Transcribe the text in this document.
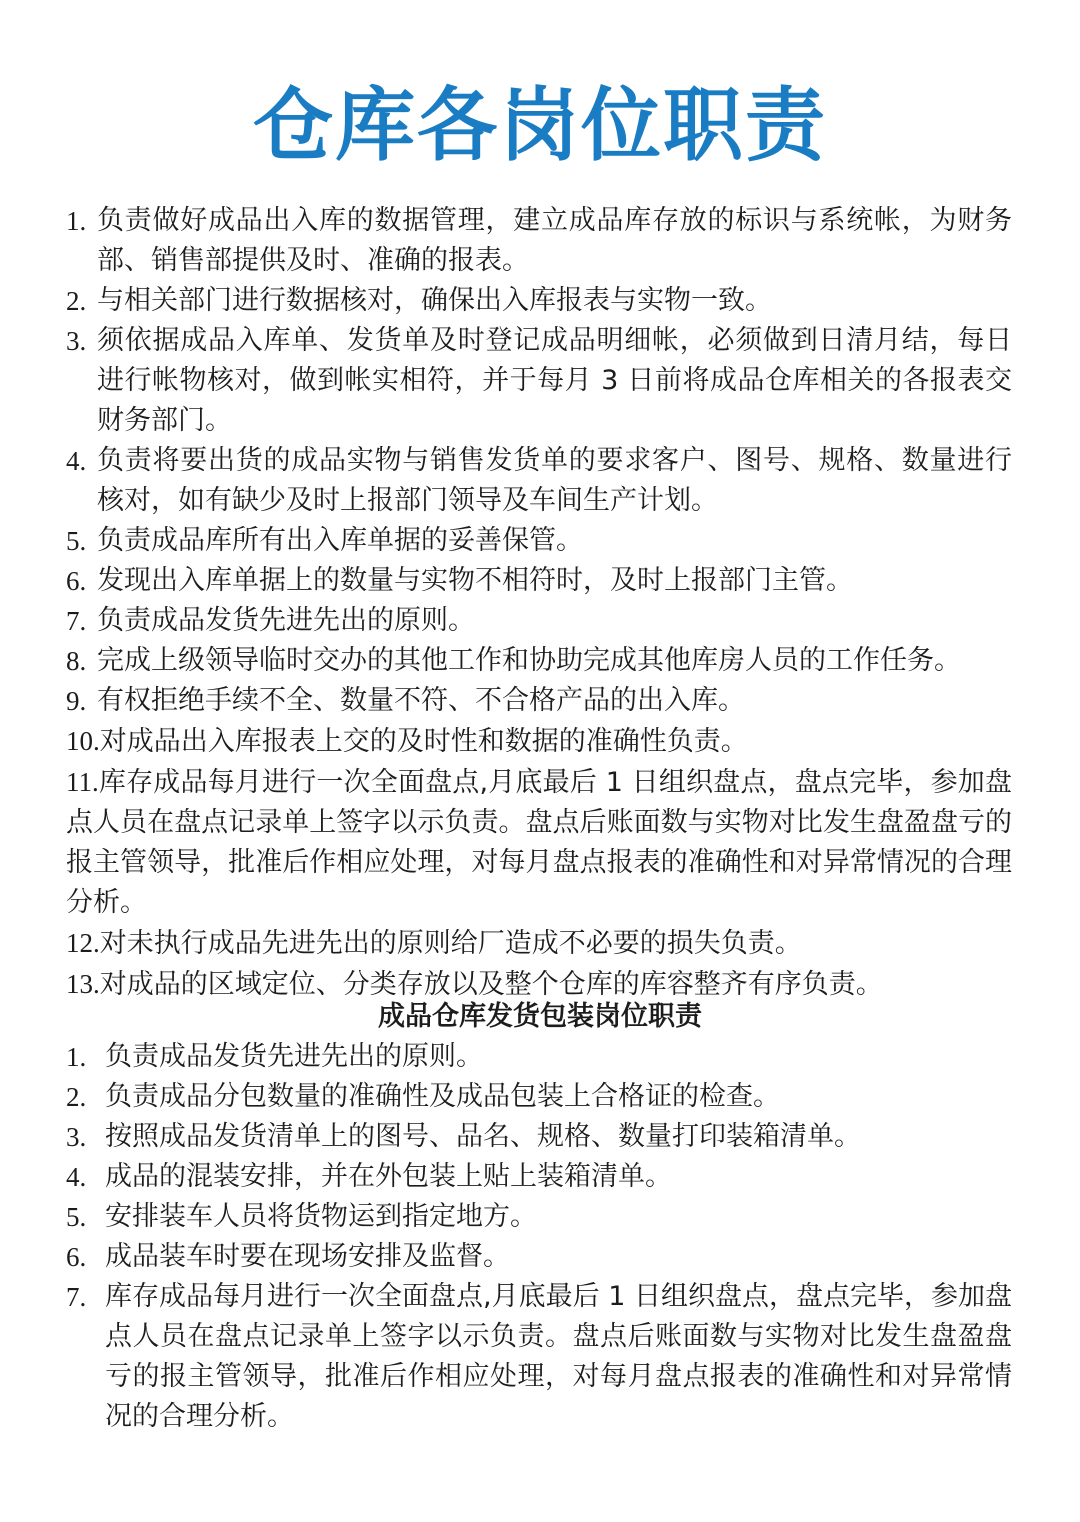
仓库各岗位职责
1. 负责做好成品出入库的数据管理，建立成品库存放的标识与系统帐，为财务部、销售部提供及时、准确的报表。
2. 与相关部门进行数据核对，确保出入库报表与实物一致。
3. 须依据成品入库单、发货单及时登记成品明细帐，必须做到日清月结，每日进行帐物核对，做到帐实相符，并于每月 3 日前将成品仓库相关的各报表交财务部门。
4. 负责将要出货的成品实物与销售发货单的要求客户、图号、规格、数量进行核对，如有缺少及时上报部门领导及车间生产计划。
5. 负责成品库所有出入库单据的妥善保管。
6. 发现出入库单据上的数量与实物不相符时，及时上报部门主管。
7. 负责成品发货先进先出的原则。
8. 完成上级领导临时交办的其他工作和协助完成其他库房人员的工作任务。
9. 有权拒绝手续不全、数量不符、不合格产品的出入库。
10.对成品出入库报表上交的及时性和数据的准确性负责。
11.库存成品每月进行一次全面盘点,月底最后 1 日组织盘点，盘点完毕，参加盘点人员在盘点记录单上签字以示负责。盘点后账面数与实物对比发生盘盈盘亏的报主管领导，批准后作相应处理，对每月盘点报表的准确性和对异常情况的合理分析。
12.对未执行成品先进先出的原则给厂造成不必要的损失负责。
13.对成品的区域定位、分类存放以及整个仓库的库容整齐有序负责。
成品仓库发货包装岗位职责
1. 负责成品发货先进先出的原则。
2. 负责成品分包数量的准确性及成品包装上合格证的检查。
3. 按照成品发货清单上的图号、品名、规格、数量打印装箱清单。
4. 成品的混装安排，并在外包装上贴上装箱清单。
5. 安排装车人员将货物运到指定地方。
6. 成品装车时要在现场安排及监督。
7. 库存成品每月进行一次全面盘点,月底最后 1 日组织盘点，盘点完毕，参加盘点人员在盘点记录单上签字以示负责。盘点后账面数与实物对比发生盘盈盘亏的报主管领导，批准后作相应处理，对每月盘点报表的准确性和对异常情况的合理分析。
